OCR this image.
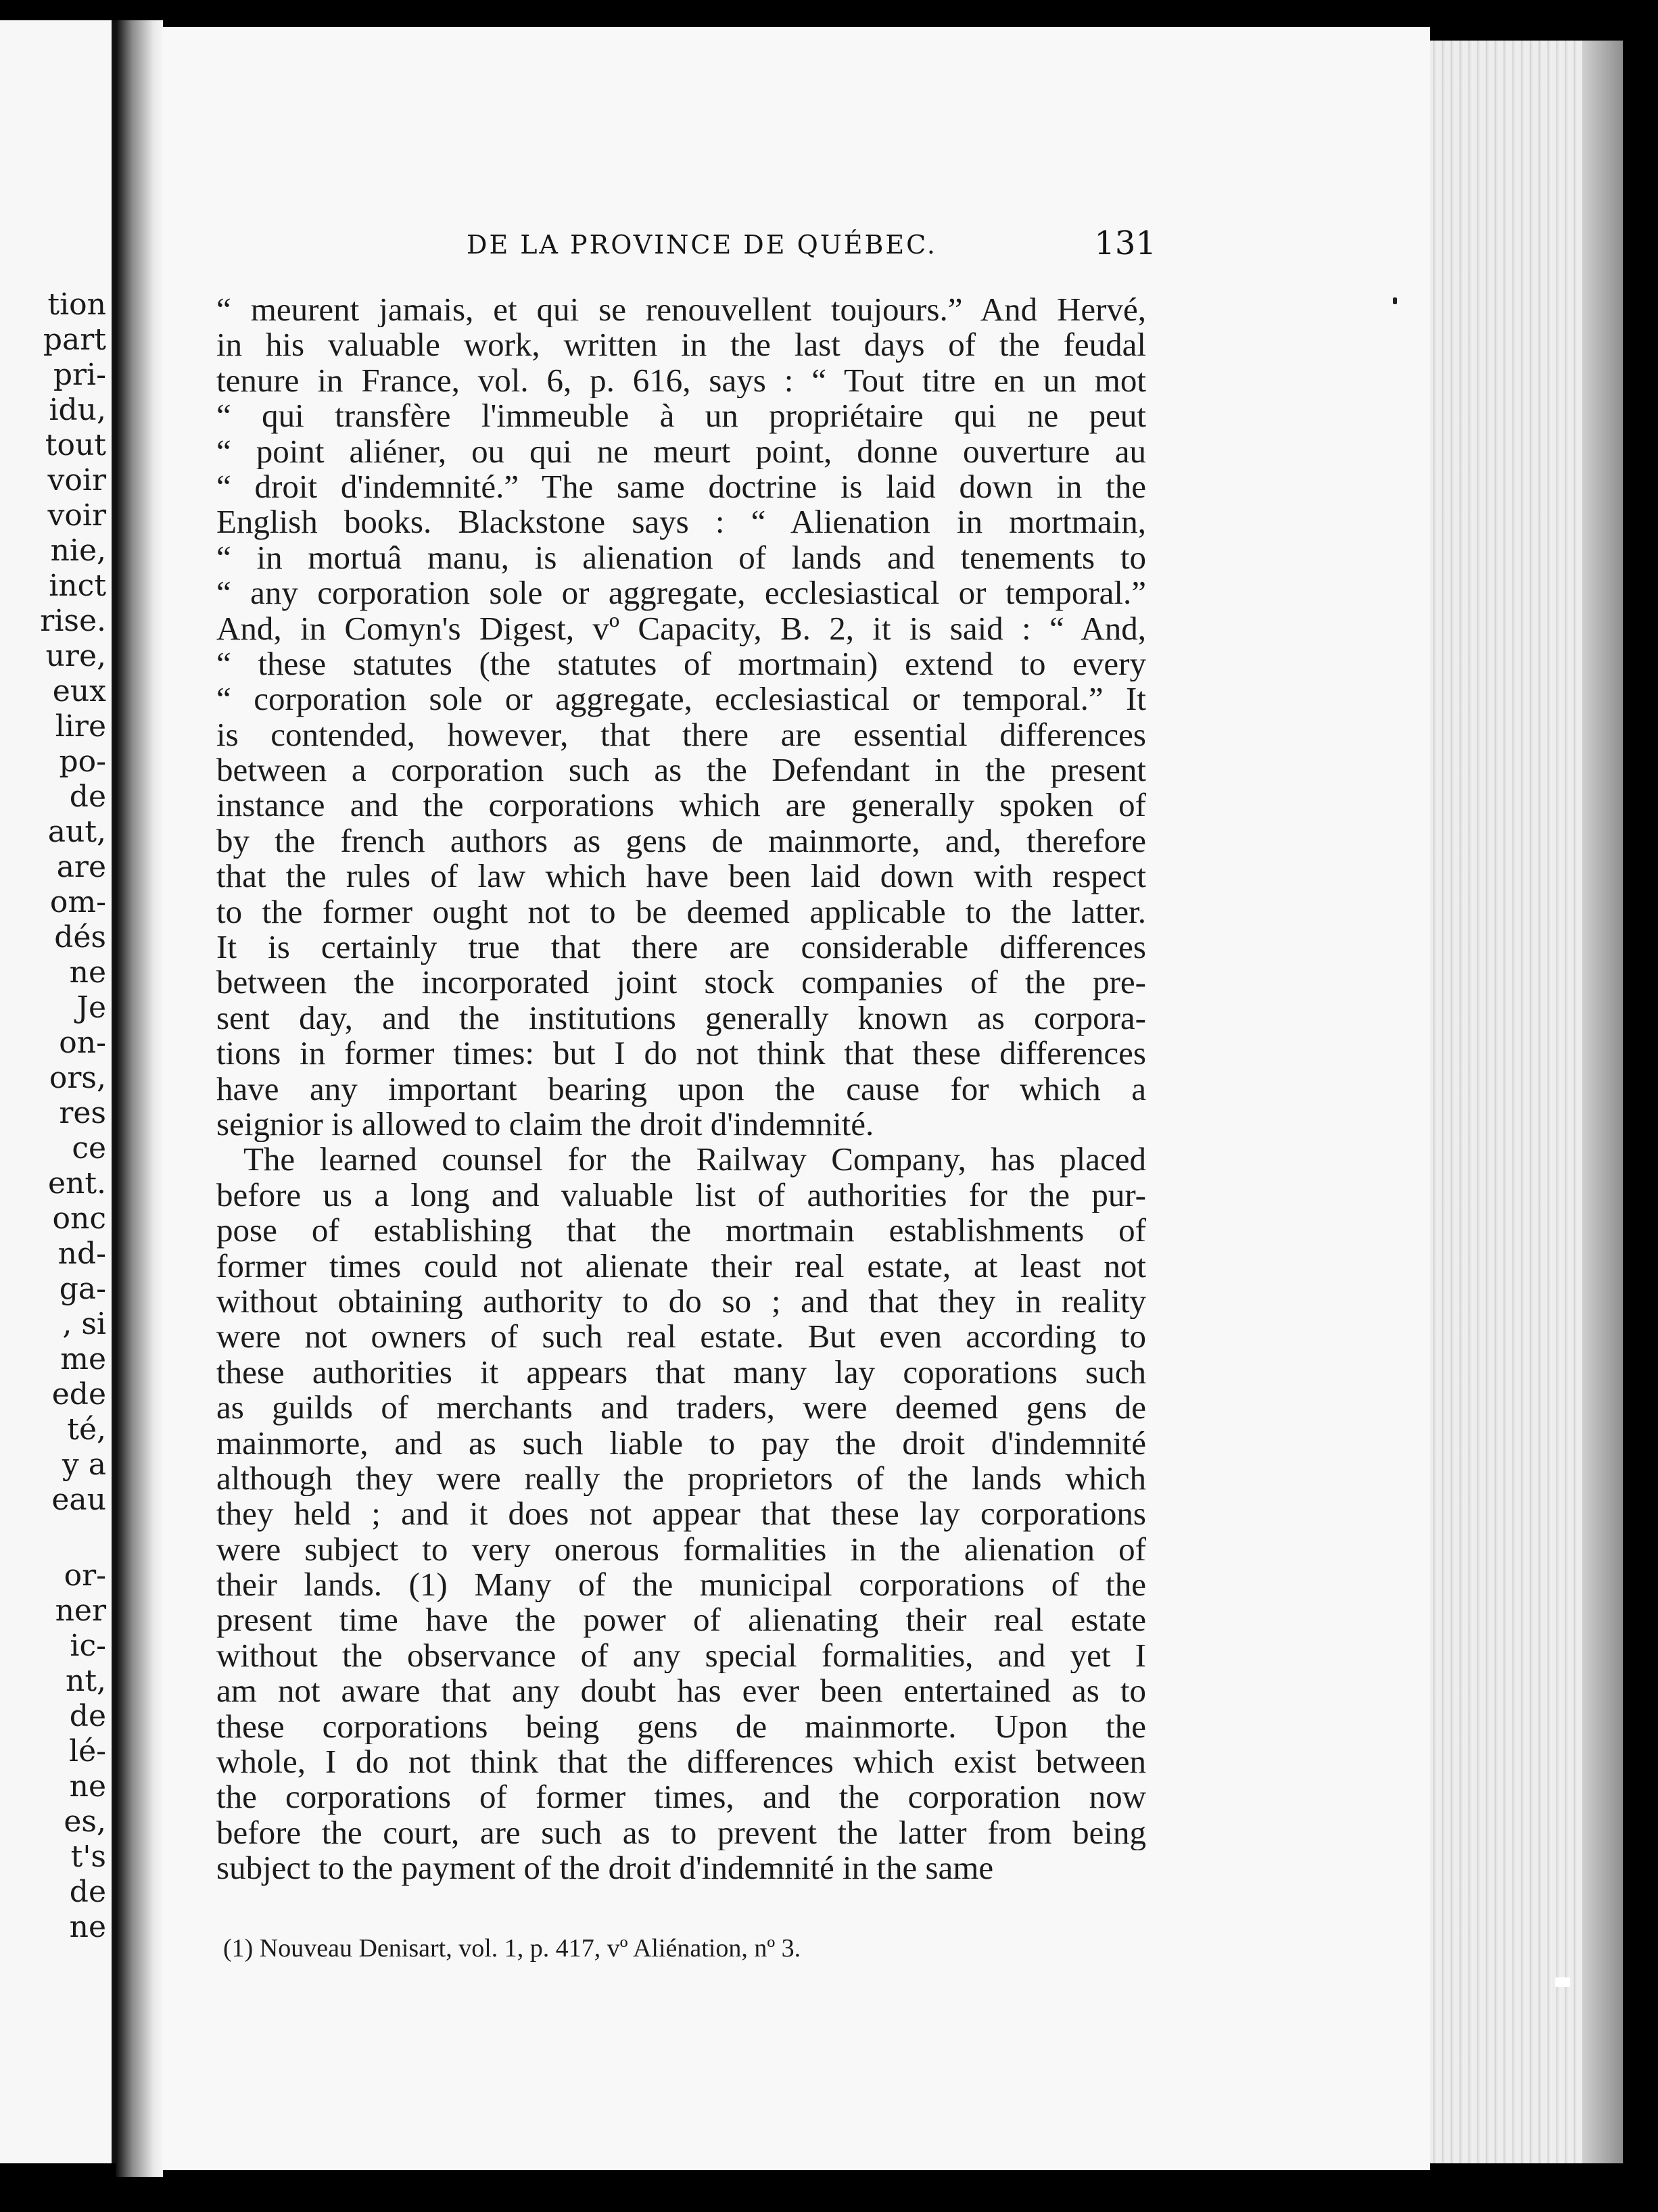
tion
part
pri-
idu,
tout
voir
voir
nie,
inct
rise.
ure,
eux
lire
po-
de
aut,
are
om-
dés
ne
Je
on-
ors,
res
ce
ent.
onc
nd-
ga-
, si
me
ede
té,
y a
eau
or-
ner
ic-
nt,
de
lé-
ne
es,
t's
de
ne
DE LA PROVINCE DE QUÉBEC.	131
“ meurent jamais, et qui se renouvellent toujours.” And Hervé,
in his valuable work, written in the last days of the feudal
tenure in France, vol. 6, p. 616, says : “ Tout titre en un mot
“ qui transfère l'immeuble à un propriétaire qui ne peut
“ point aliéner, ou qui ne meurt point, donne ouverture au
“ droit d'indemnité.” The same doctrine is laid down in the
English books. Blackstone says : “ Alienation in mortmain,
“ in mortuâ manu, is alienation of lands and tenements to
“ any corporation sole or aggregate, ecclesiastical or temporal.”
And, in Comyn's Digest, vº Capacity, B. 2, it is said : “ And,
“ these statutes (the statutes of mortmain) extend to every
“ corporation sole or aggregate, ecclesiastical or temporal.” It
is contended, however, that there are essential differences
between a corporation such as the Defendant in the present
instance and the corporations which are generally spoken of
by the french authors as gens de mainmorte, and, therefore
that the rules of law which have been laid down with respect
to the former ought not to be deemed applicable to the latter.
It is certainly true that there are considerable differences
between the incorporated joint stock companies of the pre-
sent day, and the institutions generally known as corpora-
tions in former times: but I do not think that these differences
have any important bearing upon the cause for which a
seignior is allowed to claim the droit d'indemnité.
The learned counsel for the Railway Company, has placed
before us a long and valuable list of authorities for the pur-
pose of establishing that the mortmain establishments of
former times could not alienate their real estate, at least not
without obtaining authority to do so ; and that they in reality
were not owners of such real estate. But even according to
these authorities it appears that many lay coporations such
as guilds of merchants and traders, were deemed gens de
mainmorte, and as such liable to pay the droit d'indemnité
although they were really the proprietors of the lands which
they held ; and it does not appear that these lay corporations
were subject to very onerous formalities in the alienation of
their lands. (1) Many of the municipal corporations of the
present time have the power of alienating their real estate
without the observance of any special formalities, and yet I
am not aware that any doubt has ever been entertained as to
these corporations being gens de mainmorte. Upon the
whole, I do not think that the differences which exist between
the corporations of former times, and the corporation now
before the court, are such as to prevent the latter from being
subject to the payment of the droit d'indemnité in the same
(1) Nouveau Denisart, vol. 1, p. 417, vº Aliénation, nº 3.
